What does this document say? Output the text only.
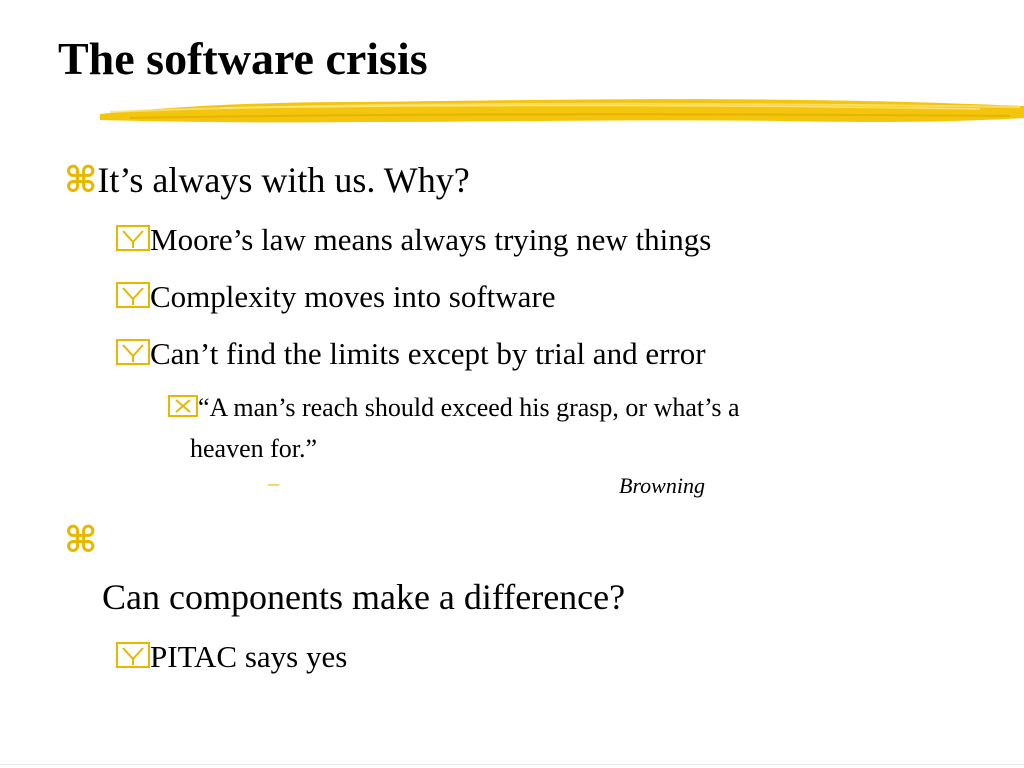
The software crisis
⌘It’s always with us. Why?
Moore’s law means always trying new things
Complexity moves into software
Can’t find the limits except by trial and error
“A man’s reach should exceed his grasp, or what’s a
heaven for.”
–	Browning
⌘
Can components make a difference?
PITAC says yes
